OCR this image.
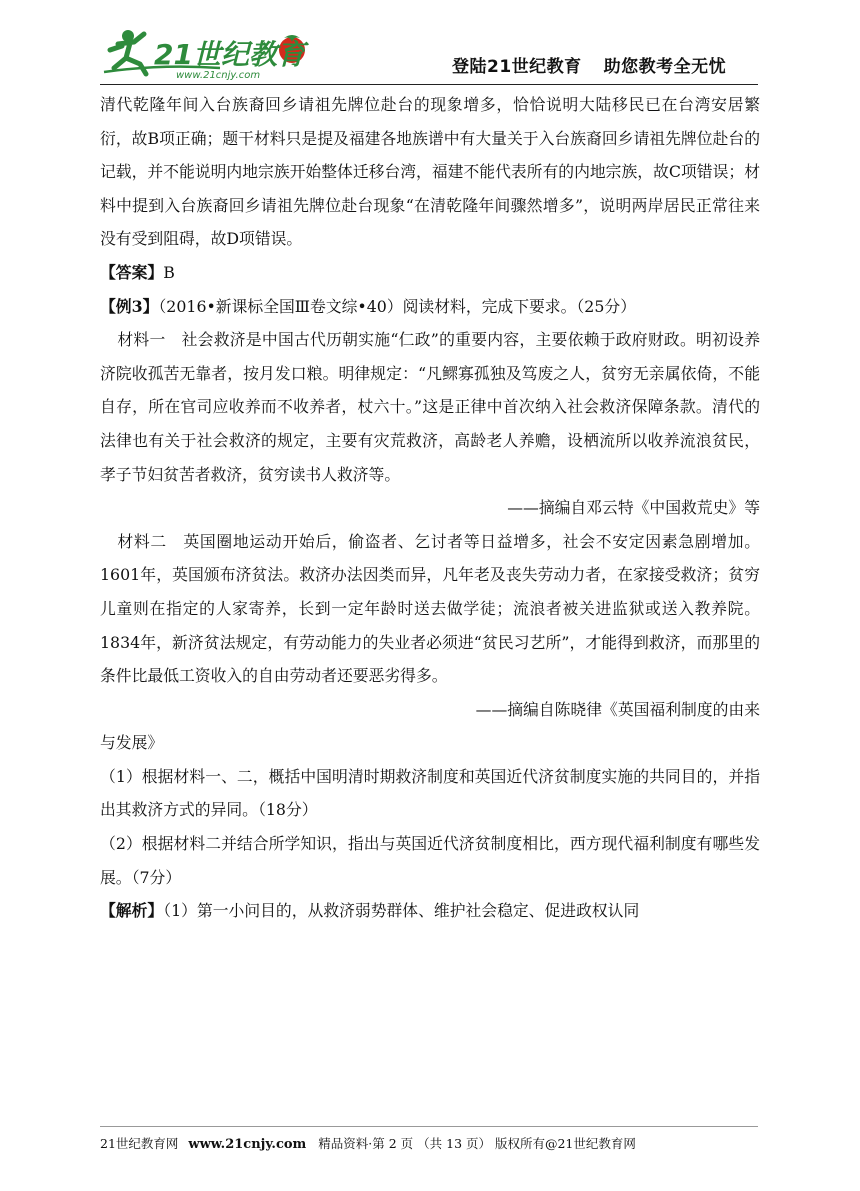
21世纪教育
www.21cnjy.com	登陆21世纪教育 助您教考全无忧

清代乾隆年间入台族裔回乡请祖先牌位赴台的现象增多，恰恰说明大陆移民已在台湾安居繁衍，故B项正确；题干材料只是提及福建各地族谱中有大量关于入台族裔回乡请祖先牌位赴台的记载，并不能说明内地宗族开始整体迁移台湾，福建不能代表所有的内地宗族，故C项错误；材料中提到入台族裔回乡请祖先牌位赴台现象“在清乾隆年间骤然增多”，说明两岸居民正常往来没有受到阻碍，故D项错误。

【答案】B

【例3】（2016•新课标全国Ⅲ卷文综•40）阅读材料，完成下要求。（25分）

材料一　社会救济是中国古代历朝实施“仁政”的重要内容，主要依赖于政府财政。明初设养济院收孤苦无靠者，按月发口粮。明律规定：“凡鳏寡孤独及笃废之人，贫穷无亲属依倚，不能自存，所在官司应收养而不收养者，杖六十。”这是正律中首次纳入社会救济保障条款。清代的法律也有关于社会救济的规定，主要有灾荒救济，高龄老人养赡，设栖流所以收养流浪贫民，孝子节妇贫苦者救济，贫穷读书人救济等。

——摘编自邓云特《中国救荒史》等

材料二　英国圈地运动开始后，偷盗者、乞讨者等日益增多，社会不安定因素急剧增加。 1601年，英国颁布济贫法。救济办法因类而异，凡年老及丧失劳动力者，在家接受救济；贫穷儿童则在指定的人家寄养，长到一定年龄时送去做学徒；流浪者被关进监狱或送入教养院。1834年，新济贫法规定，有劳动能力的失业者必须进“贫民习艺所”，才能得到救济，而那里的条件比最低工资收入的自由劳动者还要恶劣得多。

——摘编自陈晓律《英国福利制度的由来

与发展》

（1）根据材料一、二，概括中国明清时期救济制度和英国近代济贫制度实施的共同目的，并指出其救济方式的异同。（18分）

（2）根据材料二并结合所学知识，指出与英国近代济贫制度相比，西方现代福利制度有哪些发展。（7分）

【解析】（1）第一小问目的，从救济弱势群体、维护社会稳定、促进政权认同

21世纪教育网 www.21cnjy.com 精品资料·第 2 页 （共 13 页） 版权所有@21世纪教育网
